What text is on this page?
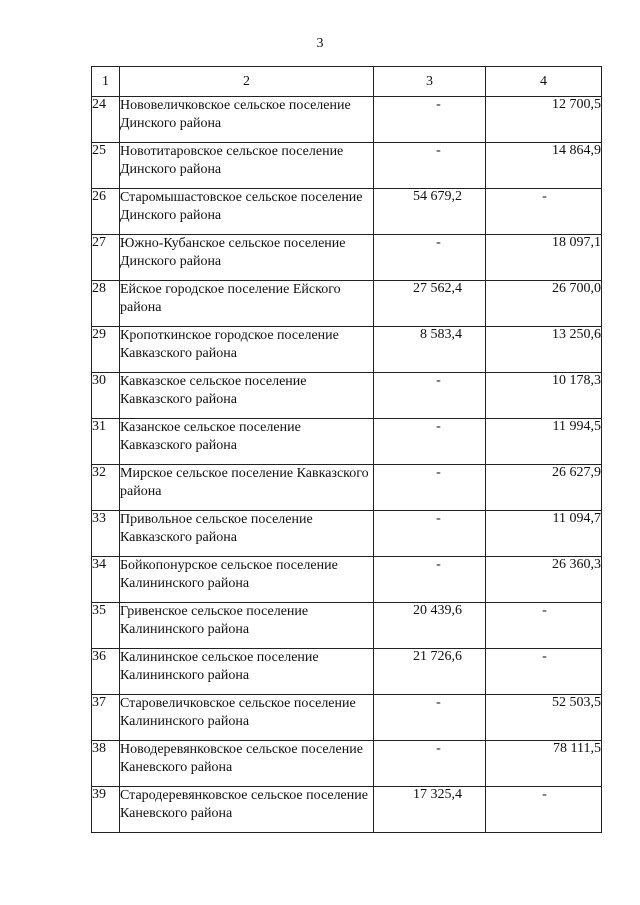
3
1	2	3	4
24	Нововеличковское сельское поселение Динского района	-	12 700,5
25	Новотитаровское сельское поселение Динского района	-	14 864,9
26	Старомышастовское сельское поселение Динского района	54 679,2	-
27	Южно-Кубанское сельское поселение Динского района	-	18 097,1
28	Ейское городское поселение Ейского района	27 562,4	26 700,0
29	Кропоткинское городское поселение Кавказского района	8 583,4	13 250,6
30	Кавказское сельское поселение Кавказского района	-	10 178,3
31	Казанское сельское поселение Кавказского района	-	11 994,5
32	Мирское сельское поселение Кавказского района	-	26 627,9
33	Привольное сельское поселение Кавказского района	-	11 094,7
34	Бойкопонурское сельское поселение Калининского района	-	26 360,3
35	Гривенское сельское поселение Калининского района	20 439,6	-
36	Калининское сельское поселение Калининского района	21 726,6	-
37	Старовеличковское сельское поселение Калининского района	-	52 503,5
38	Новодеревянковское сельское поселение Каневского района	-	78 111,5
39	Стародеревянковское сельское поселение Каневского района	17 325,4	-
